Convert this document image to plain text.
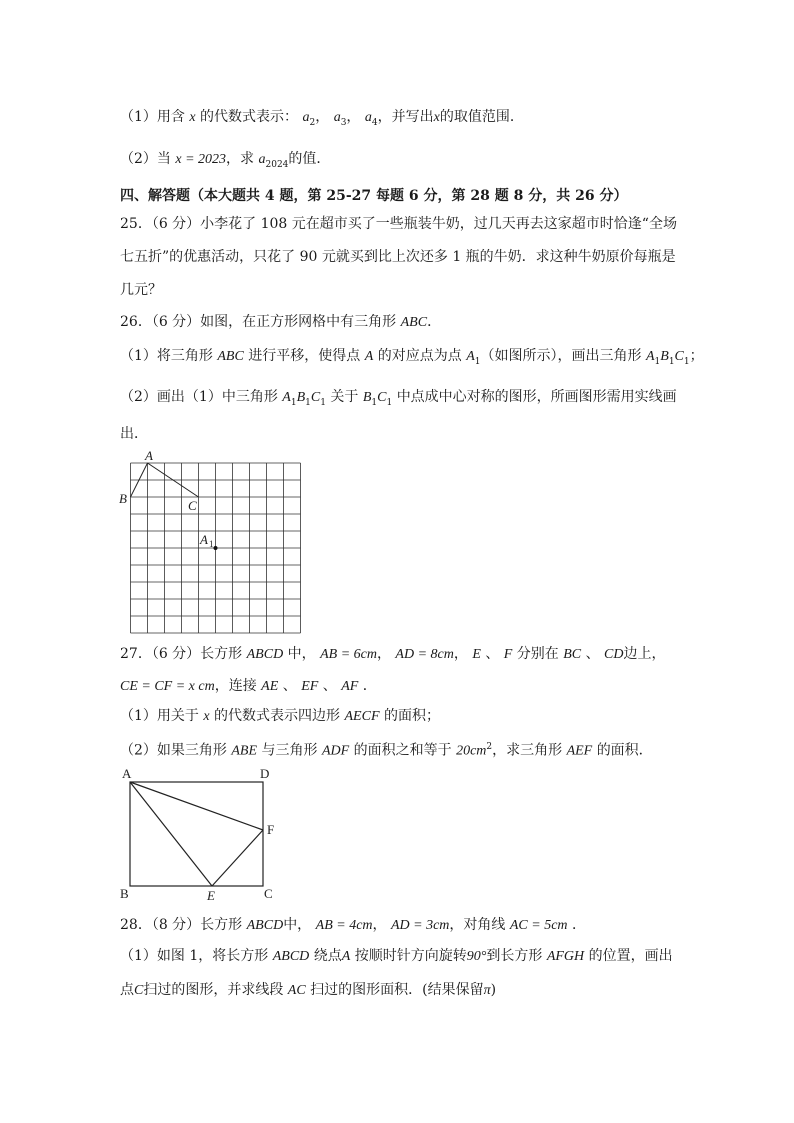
（1）用含 x 的代数式表示： $a_2$， $a_3$， $a_4$，并写出x的取值范围．
（2）当 x = 2023，求 $a_{2024}$的值．
四、解答题（本大题共 4 题，第 25-27 每题 6 分，第 28 题 8 分，共 26 分）
25．（6 分）小李花了 108 元在超市买了一些瓶装牛奶，过几天再去这家超市时恰逢“全场
七五折”的优惠活动，只花了 90 元就买到比上次还多 1 瓶的牛奶．求这种牛奶原价每瓶是
几元？
26．（6 分）如图，在正方形网格中有三角形 ABC．
（1）将三角形 ABC 进行平移，使得点 A 的对应点为点 $A_1$（如图所示），画出三角形 $A_1B_1C_1$；
（2）画出（1）中三角形 $A_1B_1C_1$ 关于 $B_1C_1$ 中点成中心对称的图形，所画图形需用实线画
出．
A
B	C
A 1
27．（6 分）长方形 ABCD 中， AB = 6cm， AD = 8cm， E 、 F 分别在 BC 、 CD边上，
CE = CF = x cm，连接 AE 、 EF 、 AF ．
（1）用关于 x 的代数式表示四边形 AECF 的面积；
（2）如果三角形 ABE 与三角形 ADF 的面积之和等于 $20cm^2$，求三角形 AEF 的面积．
A	D
F
B	E	C
28．（8 分）长方形 ABCD中， AB = 4cm， AD = 3cm，对角线 AC = 5cm ．
（1）如图 1，将长方形 ABCD 绕点A 按顺时针方向旋转90°到长方形 AFGH 的位置，画出
点C扫过的图形，并求线段 AC 扫过的图形面积．(结果保留π)
